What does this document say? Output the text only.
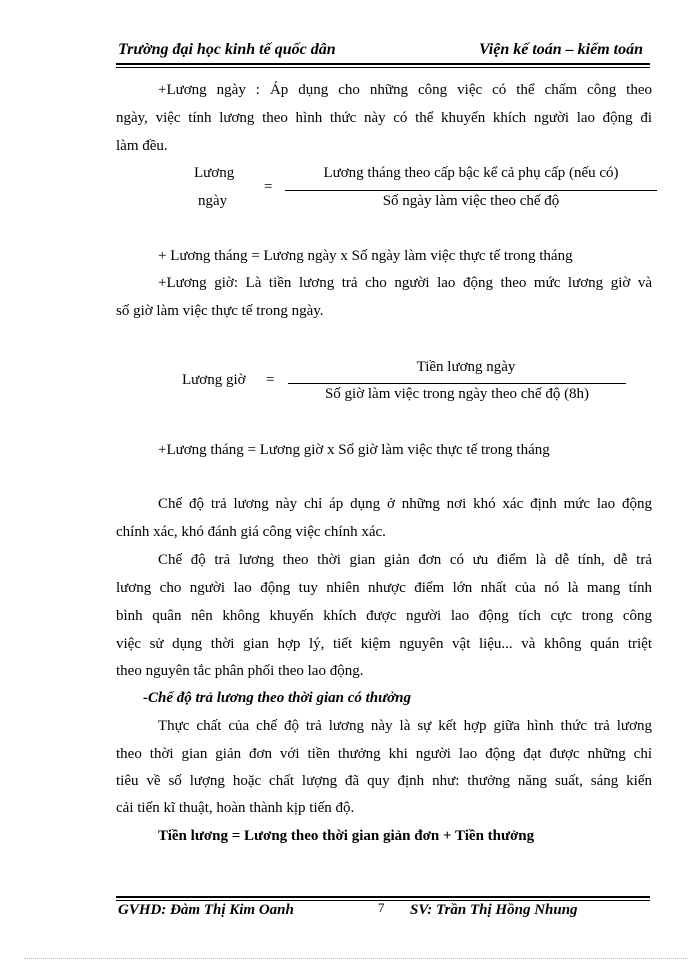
Trường đại học kinh tế quốc dân	Viện kế toán – kiểm toán
+Lương ngày : Áp dụng cho những công việc có thể chấm công theo
ngày, việc tính lương theo hình thức này có thể khuyến khích người lao động đi
làm đều.
Lương
ngày
=
Lương tháng theo cấp bậc kể cả phụ cấp (nếu có)
Số ngày làm việc theo chế độ
+ Lương tháng = Lương ngày x Số ngày làm việc thực tế trong tháng
+Lương giờ: Là tiền lương trả cho người lao động theo mức lương giờ và
số giờ làm việc thực tế trong ngày.
Tiền lương ngày
Lương giờ =
Số giờ làm việc trong ngày theo chế độ (8h)
+Lương tháng = Lương giờ x Số giờ làm việc thực tế trong tháng
Chế độ trả lương này chỉ áp dụng ở những nơi khó xác định mức lao động
chính xác, khó đánh giá công việc chính xác.
Chế độ trả lương theo thời gian giản đơn có ưu điểm là dễ tính, dễ trả
lương cho người lao động tuy nhiên nhược điểm lớn nhất của nó là mang tính
bình quân nên không khuyến khích được người lao động tích cực trong công
việc sử dụng thời gian hợp lý, tiết kiệm nguyên vật liệu... và không quán triệt
theo nguyên tắc phân phối theo lao động.
-Chế độ trả lương theo thời gian có thưởng
Thực chất của chế độ trả lương này là sự kết hợp giữa hình thức trả lương
theo thời gian giản đơn với tiền thưởng khi người lao động đạt được những chỉ
tiêu về số lượng hoặc chất lượng đã quy định như: thưởng năng suất, sáng kiến
cải tiến kĩ thuật, hoàn thành kịp tiến độ.
Tiền lương = Lương theo thời gian giản đơn + Tiền thưởng
GVHD: Đàm Thị Kim Oanh	7 SV: Trần Thị Hồng Nhung
